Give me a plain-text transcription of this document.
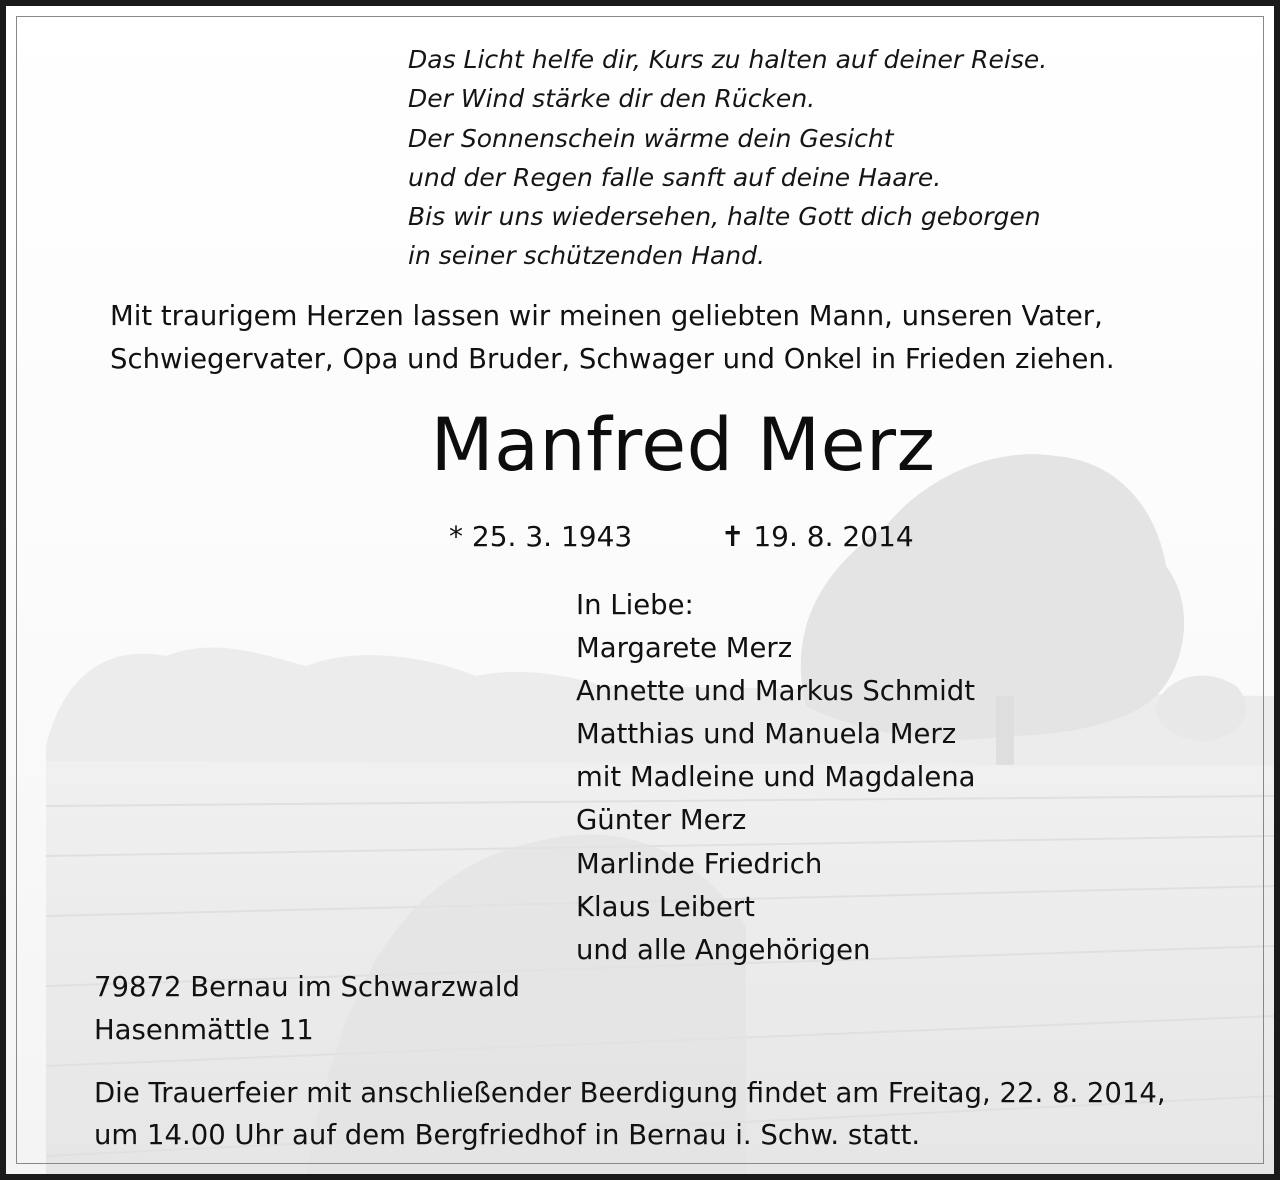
Das Licht helfe dir, Kurs zu halten auf deiner Reise.
Der Wind stärke dir den Rücken.
Der Sonnenschein wärme dein Gesicht
und der Regen falle sanft auf deine Haare.
Bis wir uns wiedersehen, halte Gott dich geborgen
in seiner schützenden Hand.
Mit traurigem Herzen lassen wir meinen geliebten Mann, unseren Vater,
Schwiegervater, Opa und Bruder, Schwager und Onkel in Frieden ziehen.
Manfred Merz
* 25. 3. 1943	✝ 19. 8. 2014
In Liebe:
Margarete Merz
Annette und Markus Schmidt
Matthias und Manuela Merz
mit Madleine und Magdalena
Günter Merz
Marlinde Friedrich
Klaus Leibert
und alle Angehörigen
79872 Bernau im Schwarzwald
Hasenmättle 11
Die Trauerfeier mit anschließender Beerdigung findet am Freitag, 22. 8. 2014,
um 14.00 Uhr auf dem Bergfriedhof in Bernau i. Schw. statt.
